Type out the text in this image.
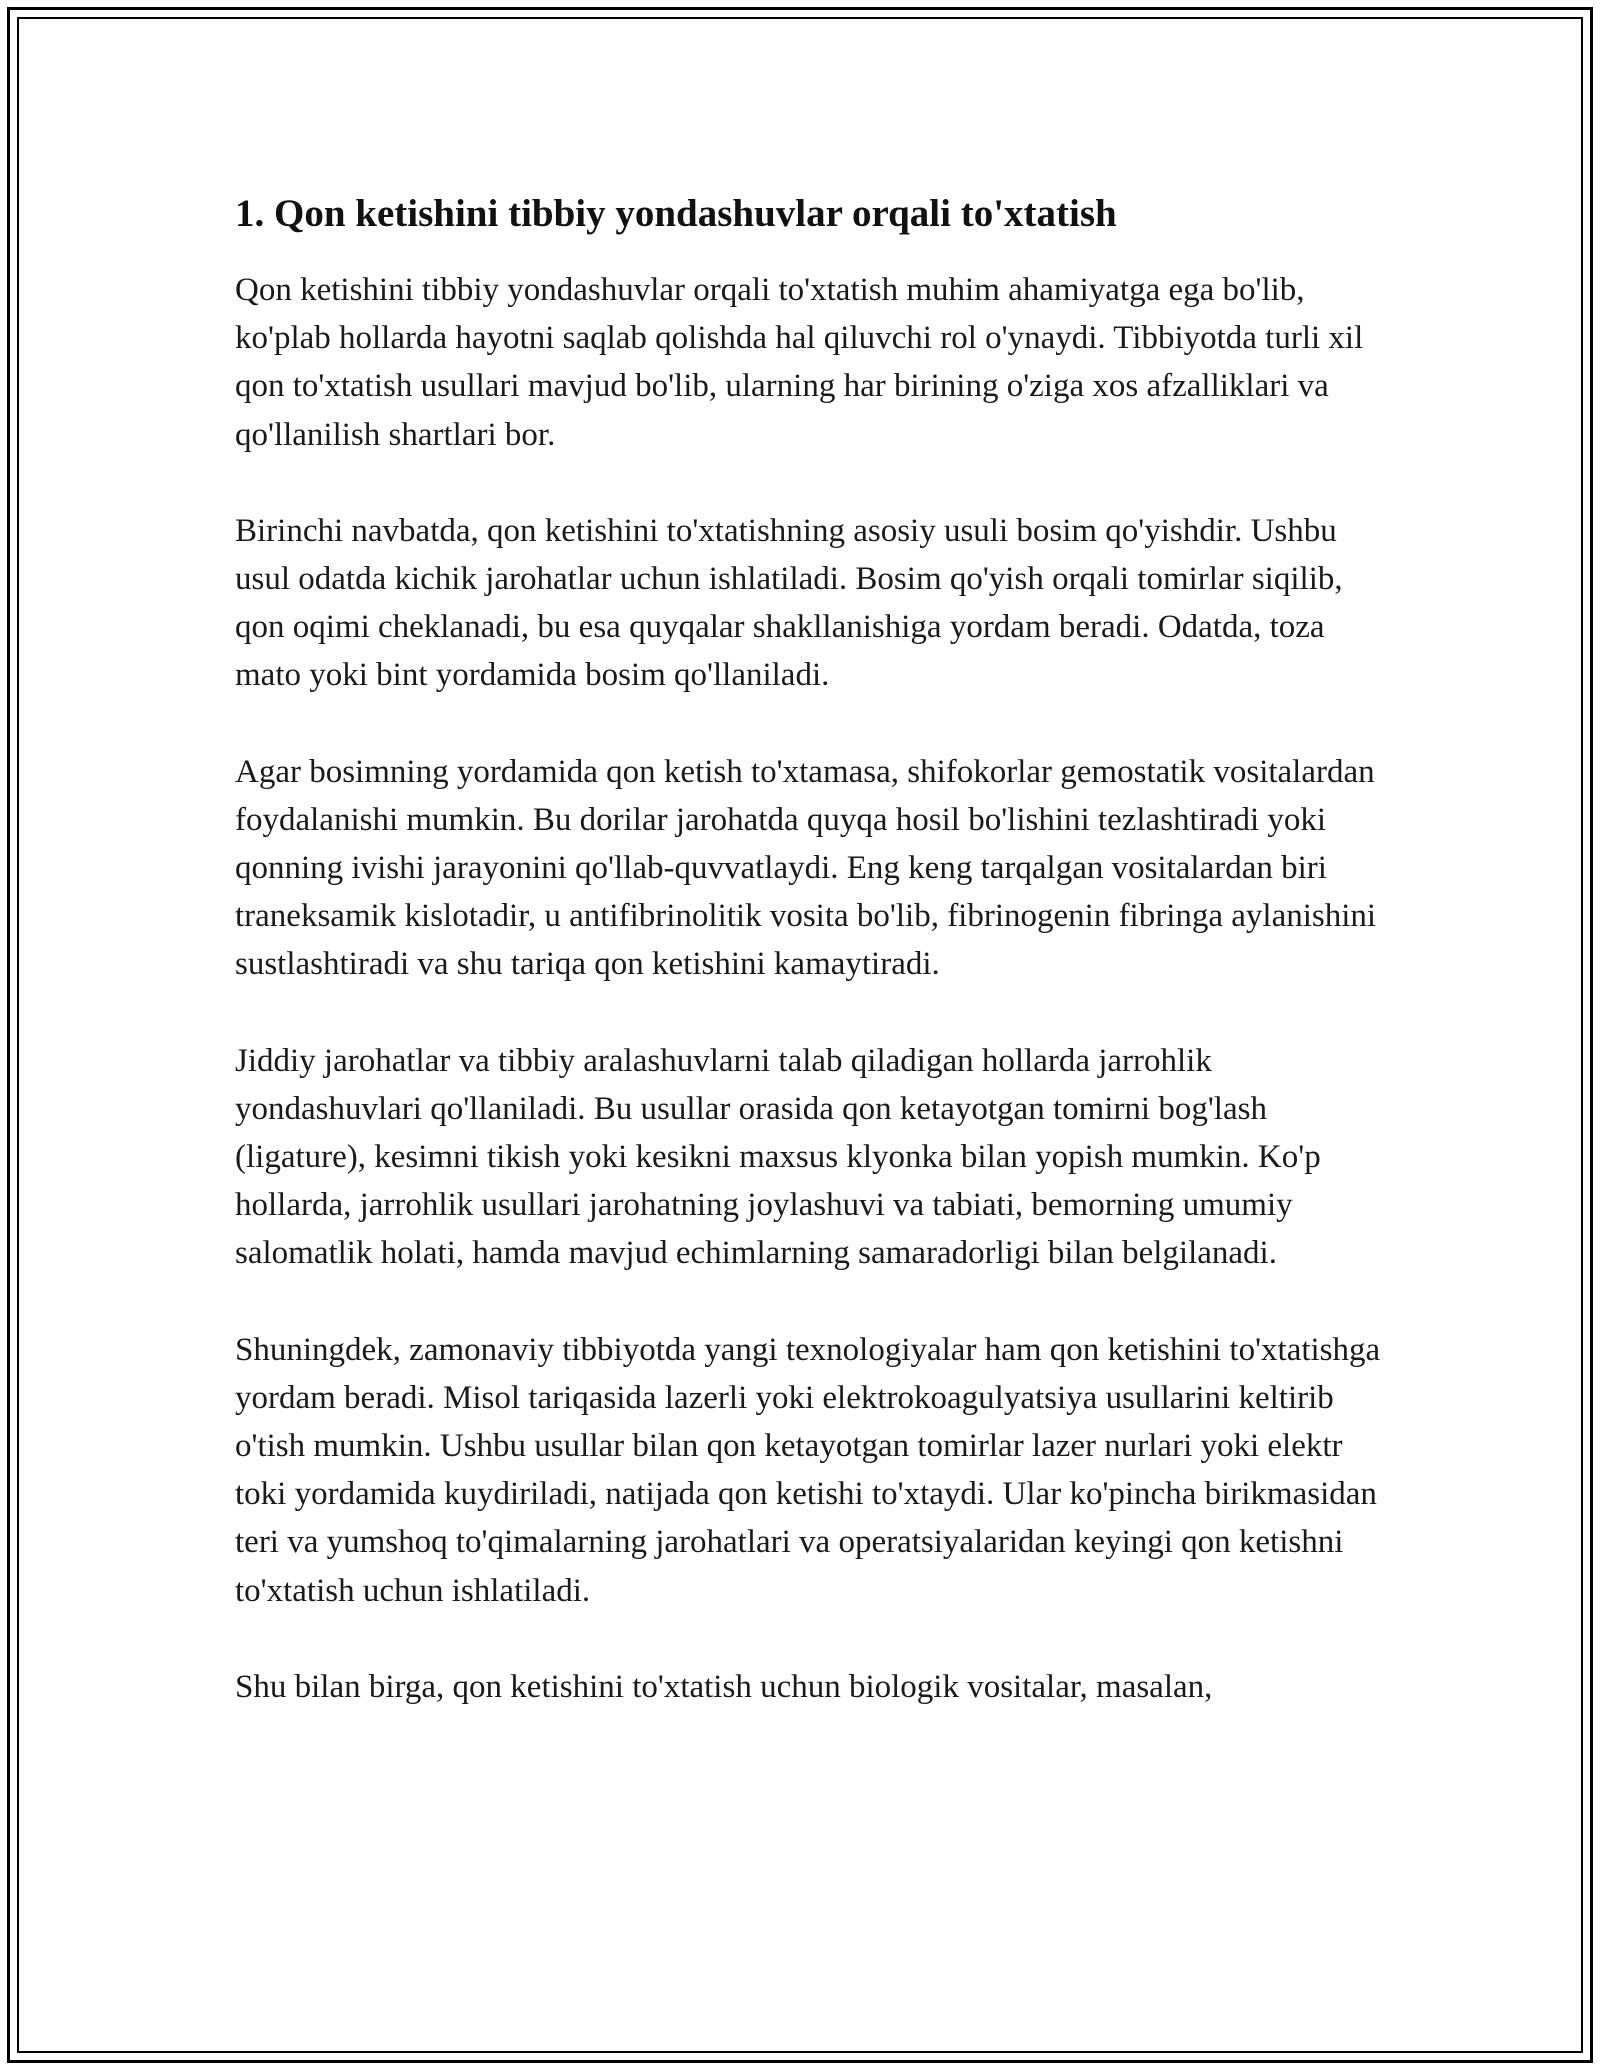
1. Qon ketishini tibbiy yondashuvlar orqali to'xtatish

Qon ketishini tibbiy yondashuvlar orqali to'xtatish muhim ahamiyatga ega bo'lib, ko'plab hollarda hayotni saqlab qolishda hal qiluvchi rol o'ynaydi. Tibbiyotda turli xil qon to'xtatish usullari mavjud bo'lib, ularning har birining o'ziga xos afzalliklari va qo'llanilish shartlari bor.

Birinchi navbatda, qon ketishini to'xtatishning asosiy usuli bosim qo'yishdir. Ushbu usul odatda kichik jarohatlar uchun ishlatiladi. Bosim qo'yish orqali tomirlar siqilib, qon oqimi cheklanadi, bu esa quyqalar shakllanishiga yordam beradi. Odatda, toza mato yoki bint yordamida bosim qo'llaniladi.

Agar bosimning yordamida qon ketish to'xtamasa, shifokorlar gemostatik vositalardan foydalanishi mumkin. Bu dorilar jarohatda quyqa hosil bo'lishini tezlashtiradi yoki qonning ivishi jarayonini qo'llab-quvvatlaydi. Eng keng tarqalgan vositalardan biri traneksamik kislotadir, u antifibrinolitik vosita bo'lib, fibrinogenin fibringa aylanishini sustlashtiradi va shu tariqa qon ketishini kamaytiradi.

Jiddiy jarohatlar va tibbiy aralashuvlarni talab qiladigan hollarda jarrohlik yondashuvlari qo'llaniladi. Bu usullar orasida qon ketayotgan tomirni bog'lash (ligature), kesimni tikish yoki kesikni maxsus klyonka bilan yopish mumkin. Ko'p hollarda, jarrohlik usullari jarohatning joylashuvi va tabiati, bemorning umumiy salomatlik holati, hamda mavjud echimlarning samaradorligi bilan belgilanadi.

Shuningdek, zamonaviy tibbiyotda yangi texnologiyalar ham qon ketishini to'xtatishga yordam beradi. Misol tariqasida lazerli yoki elektrokoagulyatsiya usullarini keltirib o'tish mumkin. Ushbu usullar bilan qon ketayotgan tomirlar lazer nurlari yoki elektr toki yordamida kuydiriladi, natijada qon ketishi to'xtaydi. Ular ko'pincha birikmasidan teri va yumshoq to'qimalarning jarohatlari va operatsiyalaridan keyingi qon ketishni to'xtatish uchun ishlatiladi.

Shu bilan birga, qon ketishini to'xtatish uchun biologik vositalar, masalan,
